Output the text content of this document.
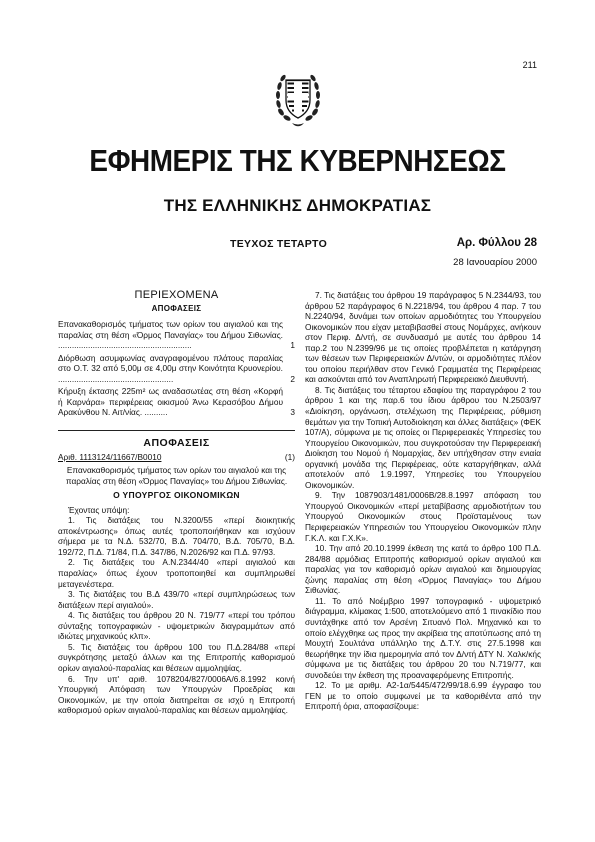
211
ΕΦΗΜΕΡΙΣ ΤΗΣ ΚΥΒΕΡΝΗΣΕΩΣ
ΤΗΣ ΕΛΛΗΝΙΚΗΣ ΔΗΜΟΚΡΑΤΙΑΣ
ΤΕΥΧΟΣ ΤΕΤΑΡΤΟ	Αρ. Φύλλου 28
28 Ιανουαρίου 2000
ΠΕΡΙΕΧΟΜΕΝΑ
ΑΠΟΦΑΣΕΙΣ
Επανακαθορισμός τμήματος των ορίων του αιγιαλού και της παραλίας στη θέση «Όρμος Παναγίας» του Δήμου Σιθωνίας. ..........................................................	1
Διόρθωση ασυμφωνίας αναγραφομένου πλάτους παραλίας στο Ο.Τ. 32 από 5,00μ σε 4,00μ στην Κοινότητα Κρυονερίου. ..................................................	2
Κήρυξη έκτασης 225m² ως αναδασωτέας στη θέση «Κορφή ή Καρνάρα» περιφέρειας οικισμού Άνω Κερασόβου Δήμου Αρακύνθου Ν. Αιτ/νίας. ..........	3
ΑΠΟΦΑΣΕΙΣ
Αριθ. 1113124/11667/Β0010	(1)
Επανακαθορισμός τμήματος των ορίων του αιγιαλού και της παραλίας στη θέση «Όρμος Παναγίας» του Δήμου Σιθωνίας.
Ο ΥΠΟΥΡΓΟΣ ΟΙΚΟΝΟΜΙΚΩΝ

Έχοντας υπόψη:

1. Τις διατάξεις του Ν.3200/55 «περί διοικητικής αποκέντρωσης» όπως αυτές τροποποιήθηκαν και ισχύουν σήμερα με τα Ν.Δ. 532/70, Β.Δ. 704/70, Β.Δ. 705/70, Β.Δ. 192/72, Π.Δ. 71/84, Π.Δ. 347/86, Ν.2026/92 και Π.Δ. 97/93.

2. Τις διατάξεις του Α.Ν.2344/40 «περί αιγιαλού και παραλίας» όπως έχουν τροποποιηθεί και συμπληρωθεί μεταγενέστερα.

3. Τις διατάξεις του Β.Δ 439/70 «περί συμπληρώσεως των διατάξεων περί αιγιαλού».

4. Τις διατάξεις του άρθρου 20 Ν. 719/77 «περί του τρόπου σύνταξης τοπογραφικών - υψομετρικών διαγραμμάτων από ιδιώτες μηχανικούς κλπ».

5. Τις διατάξεις του άρθρου 100 του Π.Δ.284/88 «περί συγκρότησης μεταξύ άλλων και της Επιτροπής καθορισμού ορίων αιγιαλού-παραλίας και θέσεων αμμοληψίας.

6. Την υπ' αριθ. 1078204/827/0006Α/6.8.1992 κοινή Υπουργική Απόφαση των Υπουργών Προεδρίας και Οικονομικών, με την οποία διατηρείται σε ισχύ η Επιτροπή καθορισμού ορίων αιγιαλού-παραλίας και θέσεων αμμοληψίας.

7. Τις διατάξεις του άρθρου 19 παράγραφος 5 Ν.2344/93, του άρθρου 52 παράγραφος 6 Ν.2218/94, του άρθρου 4 παρ. 7 του Ν.2240/94, δυνάμει των οποίων αρμοδιότητες του Υπουργείου Οικονομικών που είχαν μεταβιβασθεί στους Νομάρχες, ανήκουν στον Περιφ. Δ/ντή, σε συνδυασμό με αυτές του άρθρου 14 παρ.2 του Ν.2399/96 με τις οποίες προβλέπεται η κατάργηση των θέσεων των Περιφερειακών Δ/ντών, οι αρμοδιότητες πλέον του οποίου περιήλθαν στον Γενικό Γραμματέα της Περιφέρειας και ασκούνται από τον Αναπληρωτή Περιφερειακό Διευθυντή.

8. Τις διατάξεις του τέταρτου εδαφίου της παραγράφου 2 του άρθρου 1 και της παρ.6 του ίδιου άρθρου του Ν.2503/97 «Διοίκηση, οργάνωση, στελέχωση της Περιφέρειας, ρύθμιση θεμάτων για την Τοπική Αυτοδιοίκηση και άλλες διατάξεις» (ΦΕΚ 107/Α), σύμφωνα με τις οποίες οι Περιφερειακές Υπηρεσίες του Υπουργείου Οικονομικών, που συγκροτούσαν την Περιφερειακή Διοίκηση του Νομού ή Νομαρχίας, δεν υπήχθησαν στην ενιαία οργανική μονάδα της Περιφέρειας, ούτε καταργήθηκαν, αλλά αποτελούν από 1.9.1997, Υπηρεσίες του Υπουργείου Οικονομικών.

9. Την 1087903/1481/0006Β/28.8.1997 απόφαση του Υπουργού Οικονομικών «περί μεταβίβασης αρμοδιοτήτων του Υπουργού Οικονομικών στους Προϊσταμένους των Περιφερειακών Υπηρεσιών του Υπουργείου Οικονομικών πλην Γ.Κ.Λ. και Γ.Χ.Κ».

10. Την από 20.10.1999 έκθεση της κατά το άρθρο 100 Π.Δ. 284/88 αρμόδιας Επιτροπής καθορισμού ορίων αιγιαλού και παραλίας για τον καθορισμό ορίων αιγιαλού και δημιουργίας ζώνης παραλίας στη θέση «Όρμος Παναγίας» του Δήμου Σιθωνίας.

11. Το από Νοέμβριο 1997 τοπογραφικό - υψομετρικό διάγραμμα, κλίμακας 1:500, αποτελούμενο από 1 πινακίδιο που συντάχθηκε από τον Αρσένη Σιτυανό Πολ. Μηχανικό και το οποίο ελέγχθηκε ως προς την ακρίβεια της αποτύπωσης από τη Μουχτή Σουλτάνα υπάλληλο της Δ.Τ.Υ. στις 27.5.1998 και θεωρήθηκε την ίδια ημερομηνία από τον Δ/ντή ΔΤΥ Ν. Χαλκ/κής σύμφωνα με τις διατάξεις του άρθρου 20 του Ν.719/77, και συνοδεύει την έκθεση της προαναφερόμενης Επιτροπής.

12. Το με αριθμ. Α2-1α/5445/472/99/18.6.99 έγγραφο του ΓΕΝ με το οποίο συμφωνεί με τα καθοριθέντα από την Επιτροπή όρια, αποφασίζουμε:
